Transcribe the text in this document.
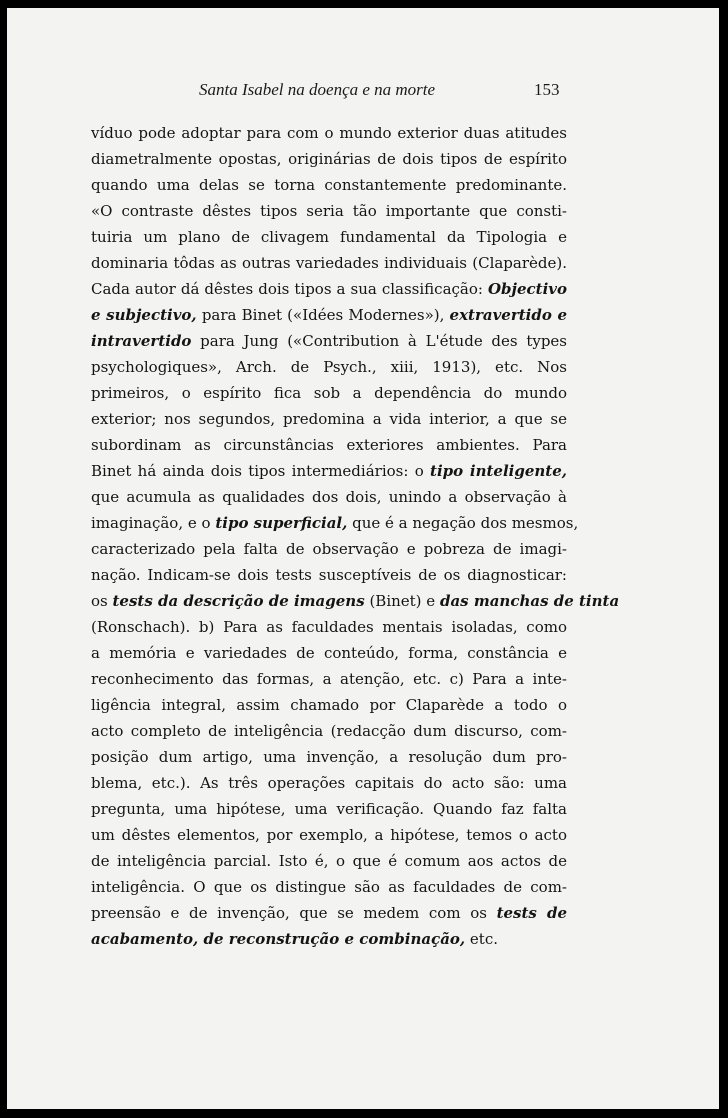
Santa Isabel na doença e na morte	153
víduo pode adoptar para com o mundo exterior duas atitudes
diametralmente opostas, originárias de dois tipos de espírito
quando uma delas se torna constantemente predominante.
«O contraste dêstes tipos seria tão importante que consti-
tuiria um plano de clivagem fundamental da Tipologia e
dominaria tôdas as outras variedades individuais (Claparède).
Cada autor dá dêstes dois tipos a sua classificação: Objectivo
e subjectivo, para Binet («Idées Modernes»), extravertido e
intravertido para Jung («Contribution à L'étude des types
psychologiques», Arch. de Psych., xiii, 1913), etc. Nos
primeiros, o espírito fica sob a dependência do mundo
exterior; nos segundos, predomina a vida interior, a que se
subordinam as circunstâncias exteriores ambientes. Para
Binet há ainda dois tipos intermediários: o tipo inteligente,
que acumula as qualidades dos dois, unindo a observação à
imaginação, e o tipo superficial, que é a negação dos mesmos,
caracterizado pela falta de observação e pobreza de imagi-
nação. Indicam-se dois tests susceptíveis de os diagnosticar:
os tests da descrição de imagens (Binet) e das manchas de tinta
(Ronschach). b) Para as faculdades mentais isoladas, como
a memória e variedades de conteúdo, forma, constância e
reconhecimento das formas, a atenção, etc. c) Para a inte-
ligência integral, assim chamado por Claparède a todo o
acto completo de inteligência (redacção dum discurso, com-
posição dum artigo, uma invenção, a resolução dum pro-
blema, etc.). As três operações capitais do acto são: uma
pregunta, uma hipótese, uma verificação. Quando faz falta
um dêstes elementos, por exemplo, a hipótese, temos o acto
de inteligência parcial. Isto é, o que é comum aos actos de
inteligência. O que os distingue são as faculdades de com-
preensão e de invenção, que se medem com os tests de
acabamento, de reconstrução e combinação, etc.
